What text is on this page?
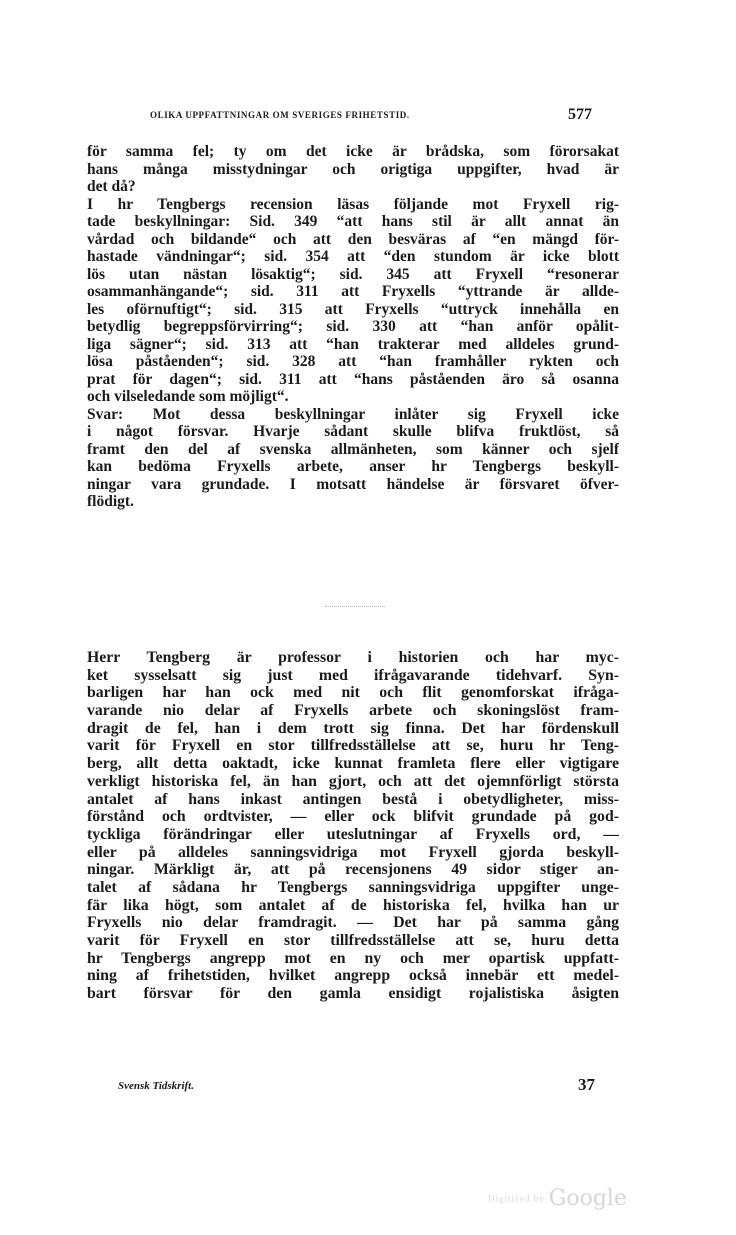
OLIKA UPPFATTNINGAR OM SVERIGES FRIHETSTID.	577
för samma fel; ty om det icke är brådska, som förorsakat
hans många misstydningar och origtiga uppgifter, hvad är
det då?
I hr Tengbergs recension läsas följande mot Fryxell rig-
tade beskyllningar: Sid. 349 “att hans stil är allt annat än
vårdad och bildande“ och att den besväras af “en mängd för-
hastade vändningar“; sid. 354 att “den stundom är icke blott
lös utan nästan lösaktig“; sid. 345 att Fryxell “resonerar
osammanhängande“; sid. 311 att Fryxells “yttrande är allde-
les oförnuftigt“; sid. 315 att Fryxells “uttryck innehålla en
betydlig begreppsförvirring“; sid. 330 att “han anför opålit-
liga sägner“; sid. 313 att “han trakterar med alldeles grund-
lösa påståenden“; sid. 328 att “han framhåller rykten och
prat för dagen“; sid. 311 att “hans påståenden äro så osanna
och vilseledande som möjligt“.
Svar: Mot dessa beskyllningar inlåter sig Fryxell icke
i något försvar. Hvarje sådant skulle blifva fruktlöst, så
framt den del af svenska allmänheten, som känner och sjelf
kan bedöma Fryxells arbete, anser hr Tengbergs beskyll-
ningar vara grundade. I motsatt händelse är försvaret öfver-
flödigt.
Herr Tengberg är professor i historien och har myc-
ket sysselsatt sig just med ifrågavarande tidehvarf. Syn-
barligen har han ock med nit och flit genomforskat ifråga-
varande nio delar af Fryxells arbete och skoningslöst fram-
dragit de fel, han i dem trott sig finna. Det har fördenskull
varit för Fryxell en stor tillfredsställelse att se, huru hr Teng-
berg, allt detta oaktadt, icke kunnat framleta flere eller vigtigare
verkligt historiska fel, än han gjort, och att det ojemnförligt största
antalet af hans inkast antingen bestå i obetydligheter, miss-
förstånd och ordtvister, — eller ock blifvit grundade på god-
tyckliga förändringar eller uteslutningar af Fryxells ord, —
eller på alldeles sanningsvidriga mot Fryxell gjorda beskyll-
ningar. Märkligt är, att på recensjonens 49 sidor stiger an-
talet af sådana hr Tengbergs sanningsvidriga uppgifter unge-
fär lika högt, som antalet af de historiska fel, hvilka han ur
Fryxells nio delar framdragit. — Det har på samma gång
varit för Fryxell en stor tillfredsställelse att se, huru detta
hr Tengbergs angrepp mot en ny och mer opartisk uppfatt-
ning af frihetstiden, hvilket angrepp också innebär ett medel-
bart försvar för den gamla ensidigt rojalistiska åsigten
Svensk Tidskrift.	37
Digitized by Google
